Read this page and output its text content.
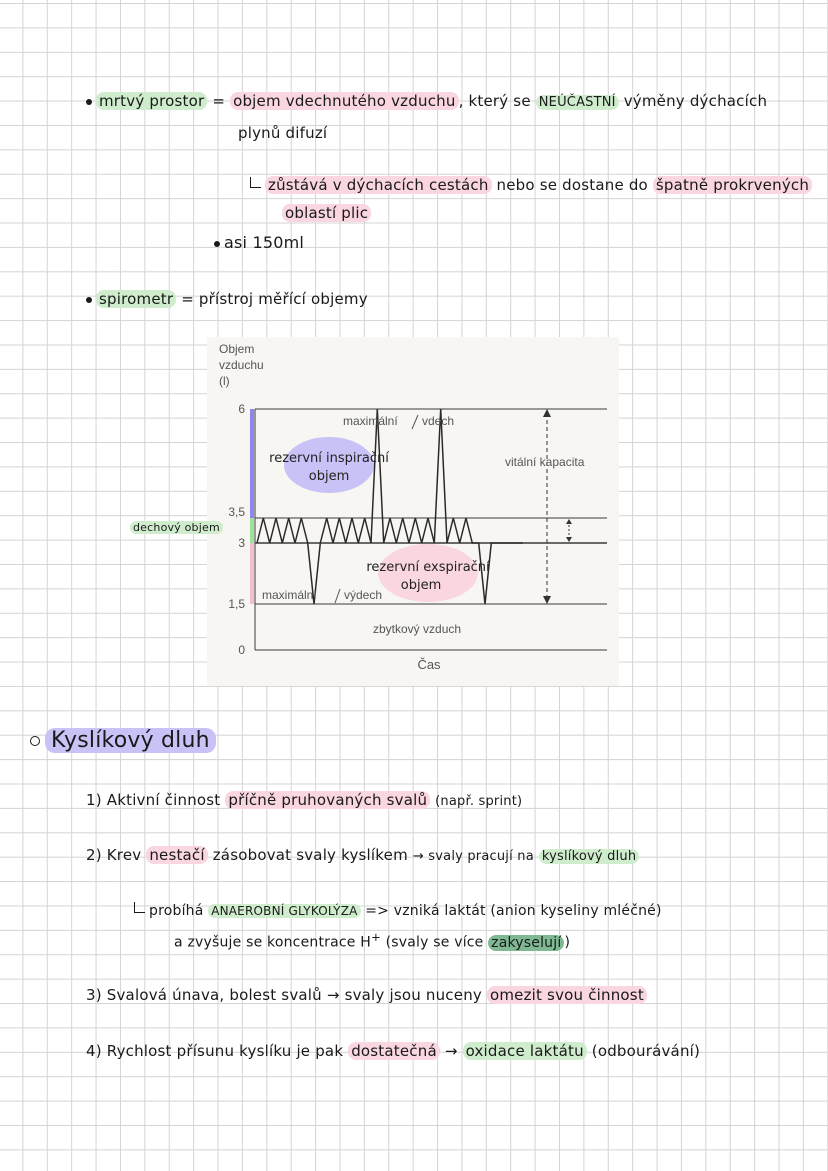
mrtvý prostor = objem vdechnutého vzduchu , který se NEÚČASTNÍ výměny dýchacích
plynů difuzí
zůstává v dýchacích cestách nebo se dostane do špatně prokrvených
oblastí plic
asi 150ml
spirometr = přístroj měřící objemy
Objem
vzduchu
(l)
6
3,5
3
1,5
0
Čas
maximální vdech
maximální výdech
vitální kapacita
zbytkový vzduch
rezervní inspirační
objem
rezervní exspirační
objem
dechový objem
Kyslíkový dluh
1) Aktivní činnost příčně pruhovaných svalů (např. sprint)
2) Krev nestačí zásobovat svaly kyslíkem → svaly pracují na kyslíkový dluh
probíhá ANAEROBNÍ GLYKOLÝZA => vzniká laktát (anion kyseliny mléčné)
a zvyšuje se koncentrace H+ (svaly se více zakyselují )
3) Svalová únava, bolest svalů → svaly jsou nuceny omezit svou činnost
4) Rychlost přísunu kyslíku je pak dostatečná → oxidace laktátu (odbourávání)
